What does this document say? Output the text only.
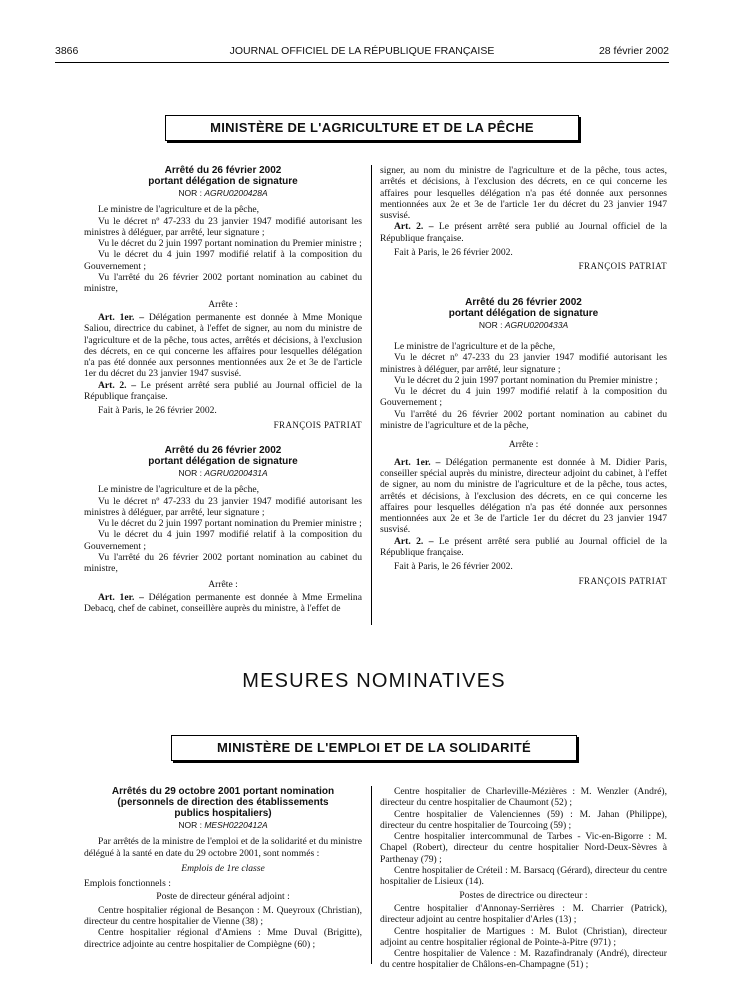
3866	JOURNAL OFFICIEL DE LA RÉPUBLIQUE FRANÇAISE	28 février 2002
MINISTÈRE DE L'AGRICULTURE ET DE LA PÊCHE
Arrêté du 26 février 2002
portant délégation de signature
NOR : AGRU0200428A

Le ministre de l'agriculture et de la pêche,

Vu le décret nº 47-233 du 23 janvier 1947 modifié autorisant les ministres à déléguer, par arrêté, leur signature ;

Vu le décret du 2 juin 1997 portant nomination du Premier ministre ;

Vu le décret du 4 juin 1997 modifié relatif à la composition du Gouvernement ;

Vu l'arrêté du 26 février 2002 portant nomination au cabinet du ministre,

Arrête :

Art. 1er. – Délégation permanente est donnée à Mme Monique Saliou, directrice du cabinet, à l'effet de signer, au nom du ministre de l'agriculture et de la pêche, tous actes, arrêtés et décisions, à l'exclusion des décrets, en ce qui concerne les affaires pour lesquelles délégation n'a pas été donnée aux personnes mentionnées aux 2e et 3e de l'article 1er du décret du 23 janvier 1947 susvisé.

Art. 2. – Le présent arrêté sera publié au Journal officiel de la République française.

Fait à Paris, le 26 février 2002.

FRANÇOIS PATRIAT
Arrêté du 26 février 2002
portant délégation de signature
NOR : AGRU0200431A

Le ministre de l'agriculture et de la pêche,

Vu le décret nº 47-233 du 23 janvier 1947 modifié autorisant les ministres à déléguer, par arrêté, leur signature ;

Vu le décret du 2 juin 1997 portant nomination du Premier ministre ;

Vu le décret du 4 juin 1997 modifié relatif à la composition du Gouvernement ;

Vu l'arrêté du 26 février 2002 portant nomination au cabinet du ministre,

Arrête :

Art. 1er. – Délégation permanente est donnée à Mme Ermelina Debacq, chef de cabinet, conseillère auprès du ministre, à l'effet de

signer, au nom du ministre de l'agriculture et de la pêche, tous actes, arrêtés et décisions, à l'exclusion des décrets, en ce qui concerne les affaires pour lesquelles délégation n'a pas été donnée aux personnes mentionnées aux 2e et 3e de l'article 1er du décret du 23 janvier 1947 susvisé.

Art. 2. – Le présent arrêté sera publié au Journal officiel de la République française.

Fait à Paris, le 26 février 2002.

FRANÇOIS PATRIAT
Arrêté du 26 février 2002
portant délégation de signature
NOR : AGRU0200433A

Le ministre de l'agriculture et de la pêche,

Vu le décret nº 47-233 du 23 janvier 1947 modifié autorisant les ministres à déléguer, par arrêté, leur signature ;

Vu le décret du 2 juin 1997 portant nomination du Premier ministre ;

Vu le décret du 4 juin 1997 modifié relatif à la composition du Gouvernement ;

Vu l'arrêté du 26 février 2002 portant nomination au cabinet du ministre de l'agriculture et de la pêche,

Arrête :

Art. 1er. – Délégation permanente est donnée à M. Didier Paris, conseiller spécial auprès du ministre, directeur adjoint du cabinet, à l'effet de signer, au nom du ministre de l'agriculture et de la pêche, tous actes, arrêtés et décisions, à l'exclusion des décrets, en ce qui concerne les affaires pour lesquelles délégation n'a pas été donnée aux personnes mentionnées aux 2e et 3e de l'article 1er du décret du 23 janvier 1947 susvisé.

Art. 2. – Le présent arrêté sera publié au Journal officiel de la République française.

Fait à Paris, le 26 février 2002.

FRANÇOIS PATRIAT
MESURES NOMINATIVES
MINISTÈRE DE L'EMPLOI ET DE LA SOLIDARITÉ
Arrêtés du 29 octobre 2001 portant nomination
(personnels de direction des établissements
publics hospitaliers)
NOR : MESH0220412A

Par arrêtés de la ministre de l'emploi et de la solidarité et du ministre délégué à la santé en date du 29 octobre 2001, sont nommés :

Emplois de 1re classe

Emplois fonctionnels :

Poste de directeur général adjoint :

Centre hospitalier régional de Besançon : M. Queyroux (Christian), directeur du centre hospitalier de Vienne (38) ;

Centre hospitalier régional d'Amiens : Mme Duval (Brigitte), directrice adjointe au centre hospitalier de Compiègne (60) ;

Centre hospitalier de Charleville-Mézières : M. Wenzler (André), directeur du centre hospitalier de Chaumont (52) ;

Centre hospitalier de Valenciennes (59) : M. Jahan (Philippe), directeur du centre hospitalier de Tourcoing (59) ;

Centre hospitalier intercommunal de Tarbes - Vic-en-Bigorre : M. Chapel (Robert), directeur du centre hospitalier Nord-Deux-Sèvres à Parthenay (79) ;

Centre hospitalier de Créteil : M. Barsacq (Gérard), directeur du centre hospitalier de Lisieux (14).

Postes de directrice ou directeur :

Centre hospitalier d'Annonay-Serrières : M. Charrier (Patrick), directeur adjoint au centre hospitalier d'Arles (13) ;

Centre hospitalier de Martigues : M. Bulot (Christian), directeur adjoint au centre hospitalier régional de Pointe-à-Pitre (971) ;

Centre hospitalier de Valence : M. Razafindranaly (André), directeur du centre hospitalier de Châlons-en-Champagne (51) ;
